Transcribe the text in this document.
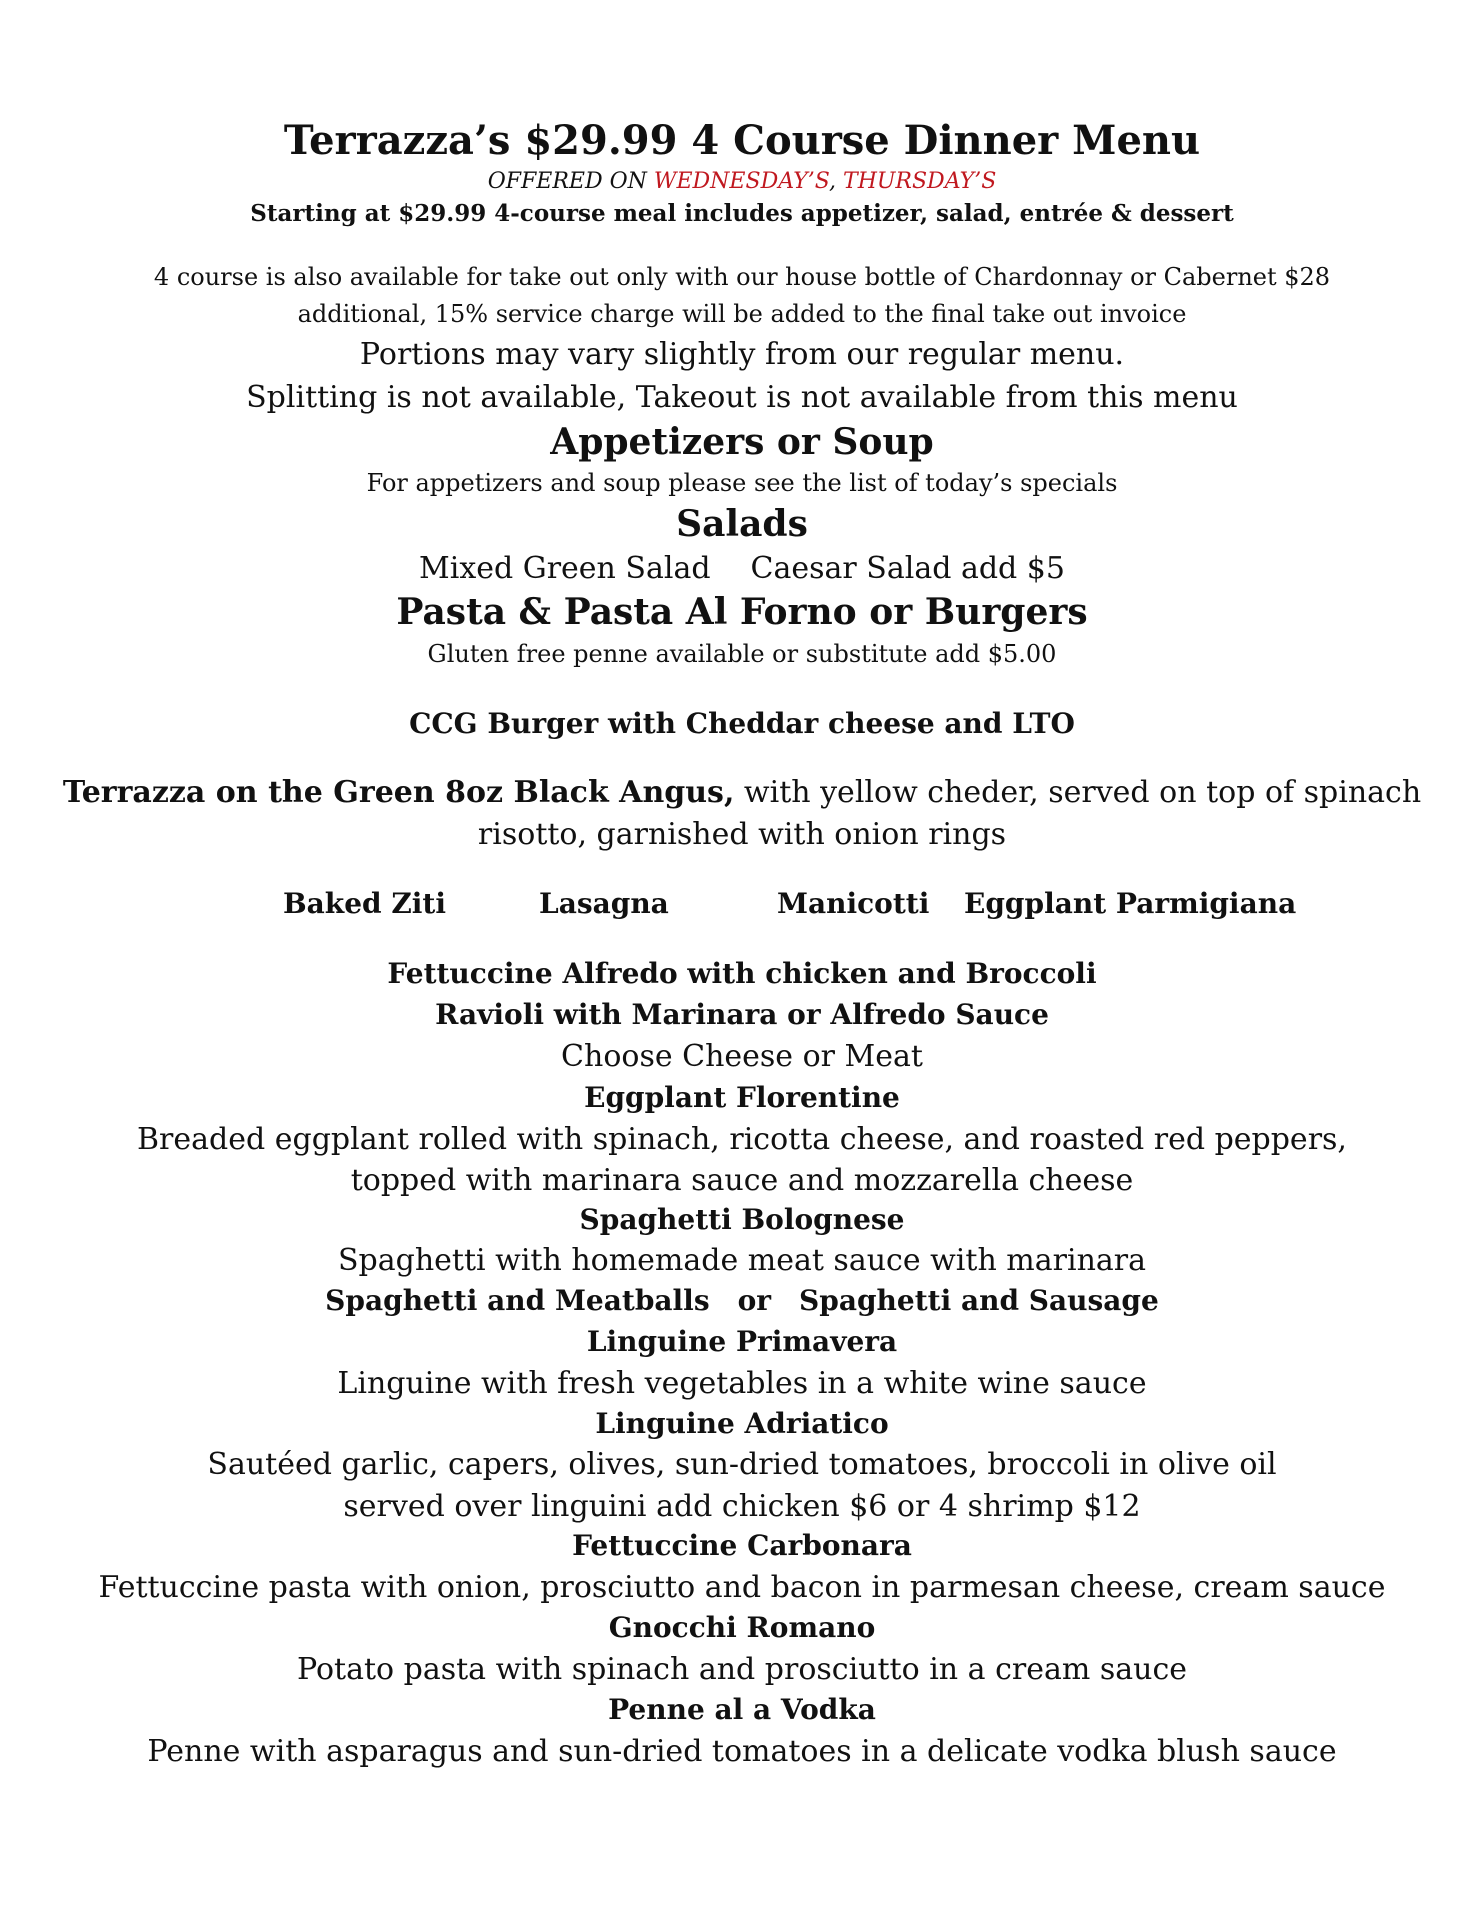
Terrazza’s $29.99 4 Course Dinner Menu
OFFERED ON WEDNESDAY’S, THURSDAY’S
Starting at $29.99 4-course meal includes appetizer, salad, entrée & dessert
4 course is also available for take out only with our house bottle of Chardonnay or Cabernet $28
additional, 15% service charge will be added to the final take out invoice
Portions may vary slightly from our regular menu.
Splitting is not available, Takeout is not available from this menu
Appetizers or Soup
For appetizers and soup please see the list of today’s specials
Salads
Mixed Green Salad Caesar Salad add $5
Pasta & Pasta Al Forno or Burgers
Gluten free penne available or substitute add $5.00
CCG Burger with Cheddar cheese and LTO
Terrazza on the Green 8oz Black Angus, with yellow cheder, served on top of spinach
risotto, garnished with onion rings
Baked Ziti	Lasagna	Manicotti Eggplant Parmigiana
Fettuccine Alfredo with chicken and Broccoli
Ravioli with Marinara or Alfredo Sauce
Choose Cheese or Meat
Eggplant Florentine
Breaded eggplant rolled with spinach, ricotta cheese, and roasted red peppers,
topped with marinara sauce and mozzarella cheese
Spaghetti Bolognese
Spaghetti with homemade meat sauce with marinara
Spaghetti and Meatballs or Spaghetti and Sausage
Linguine Primavera
Linguine with fresh vegetables in a white wine sauce
Linguine Adriatico
Sautéed garlic, capers, olives, sun-dried tomatoes, broccoli in olive oil
served over linguini add chicken $6 or 4 shrimp $12
Fettuccine Carbonara
Fettuccine pasta with onion, prosciutto and bacon in parmesan cheese, cream sauce
Gnocchi Romano
Potato pasta with spinach and prosciutto in a cream sauce
Penne al a Vodka
Penne with asparagus and sun-dried tomatoes in a delicate vodka blush sauce
